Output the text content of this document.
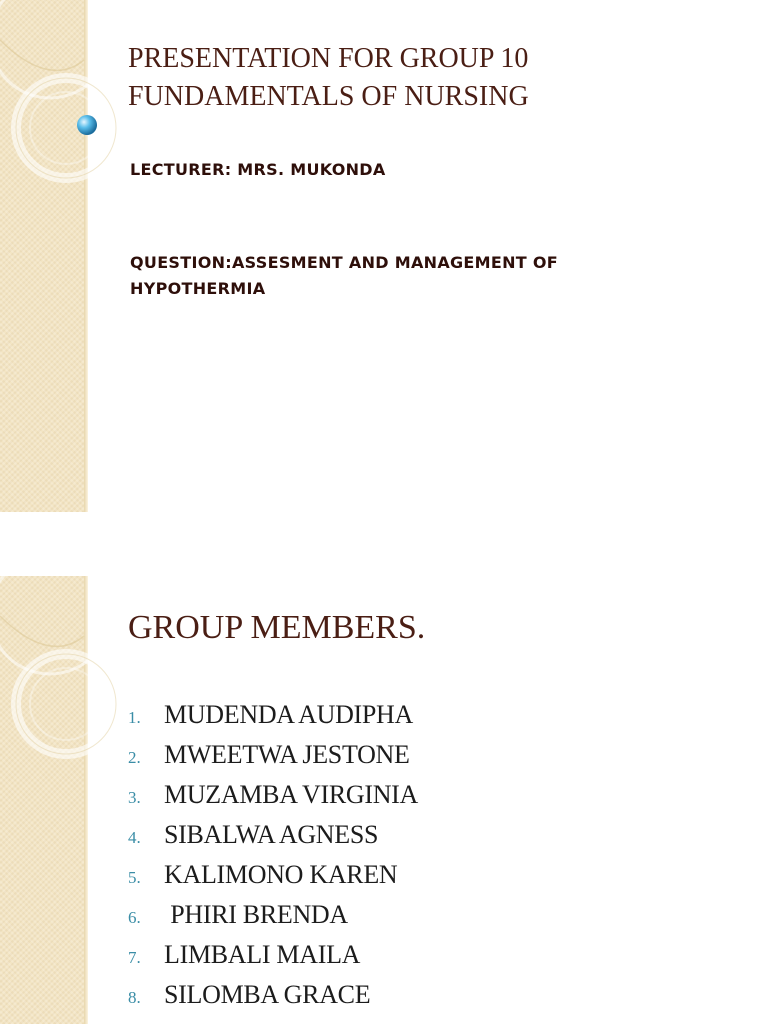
PRESENTATION FOR GROUP 10
FUNDAMENTALS OF NURSING

LECTURER: MRS. MUKONDA

QUESTION:ASSESMENT AND MANAGEMENT OF
HYPOTHERMIA

GROUP MEMBERS.
1. MUDENDA AUDIPHA
2. MWEETWA JESTONE
3. MUZAMBA VIRGINIA
4. SIBALWA AGNESS
5. KALIMONO KAREN
6. PHIRI BRENDA
7. LIMBALI MAILA
8. SILOMBA GRACE
